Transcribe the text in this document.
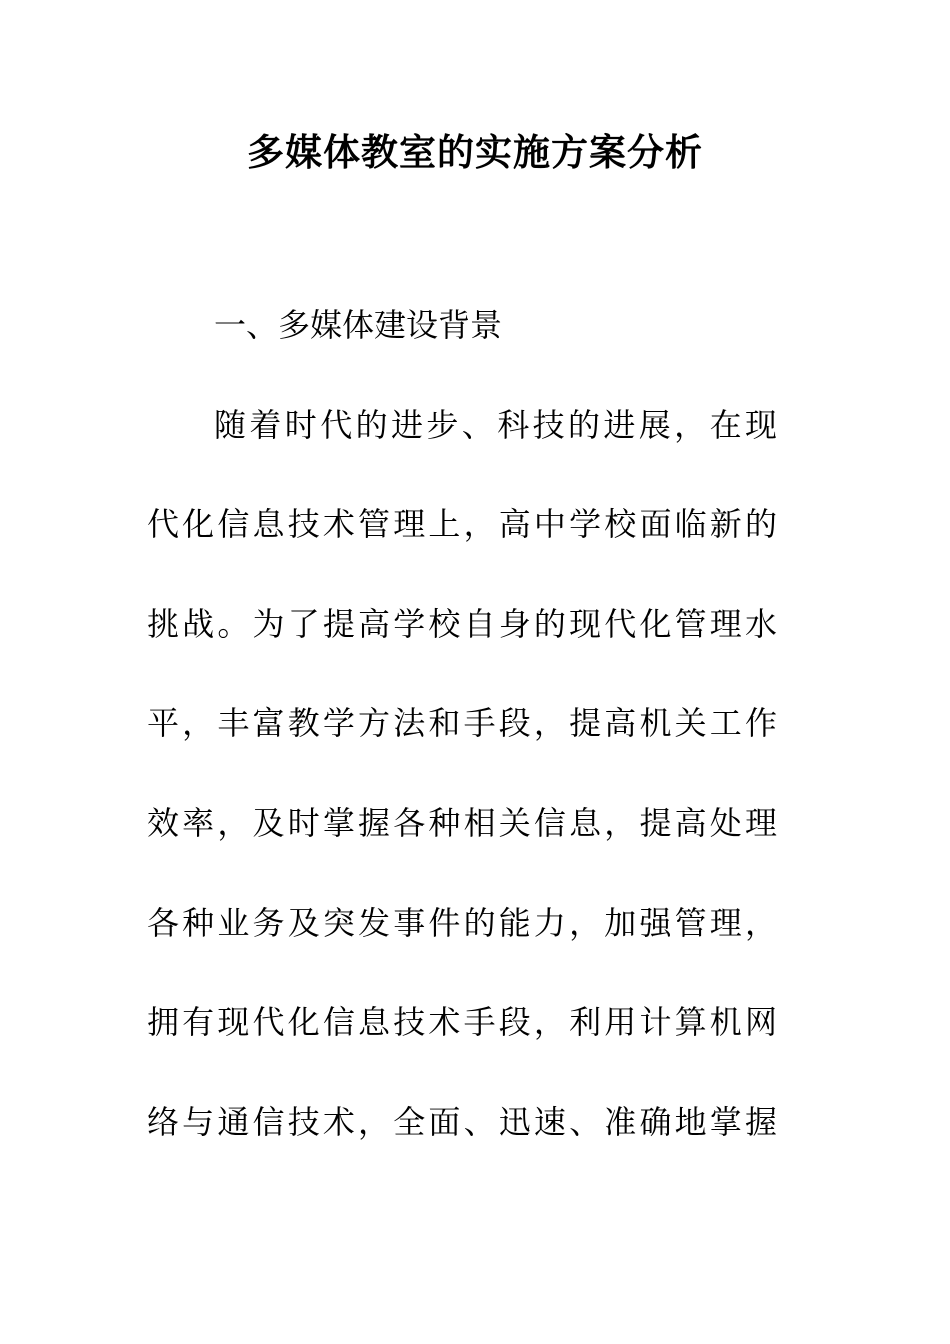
多媒体教室的实施方案分析

一、多媒体建设背景

随着时代的进步、科技的进展，在现

代化信息技术管理上，高中学校面临新的

挑战。为了提高学校自身的现代化管理水

平，丰富教学方法和手段，提高机关工作

效率，及时掌握各种相关信息，提高处理

各种业务及突发事件的能力，加强管理，

拥有现代化信息技术手段，利用计算机网

络与通信技术，全面、迅速、准确地掌握
